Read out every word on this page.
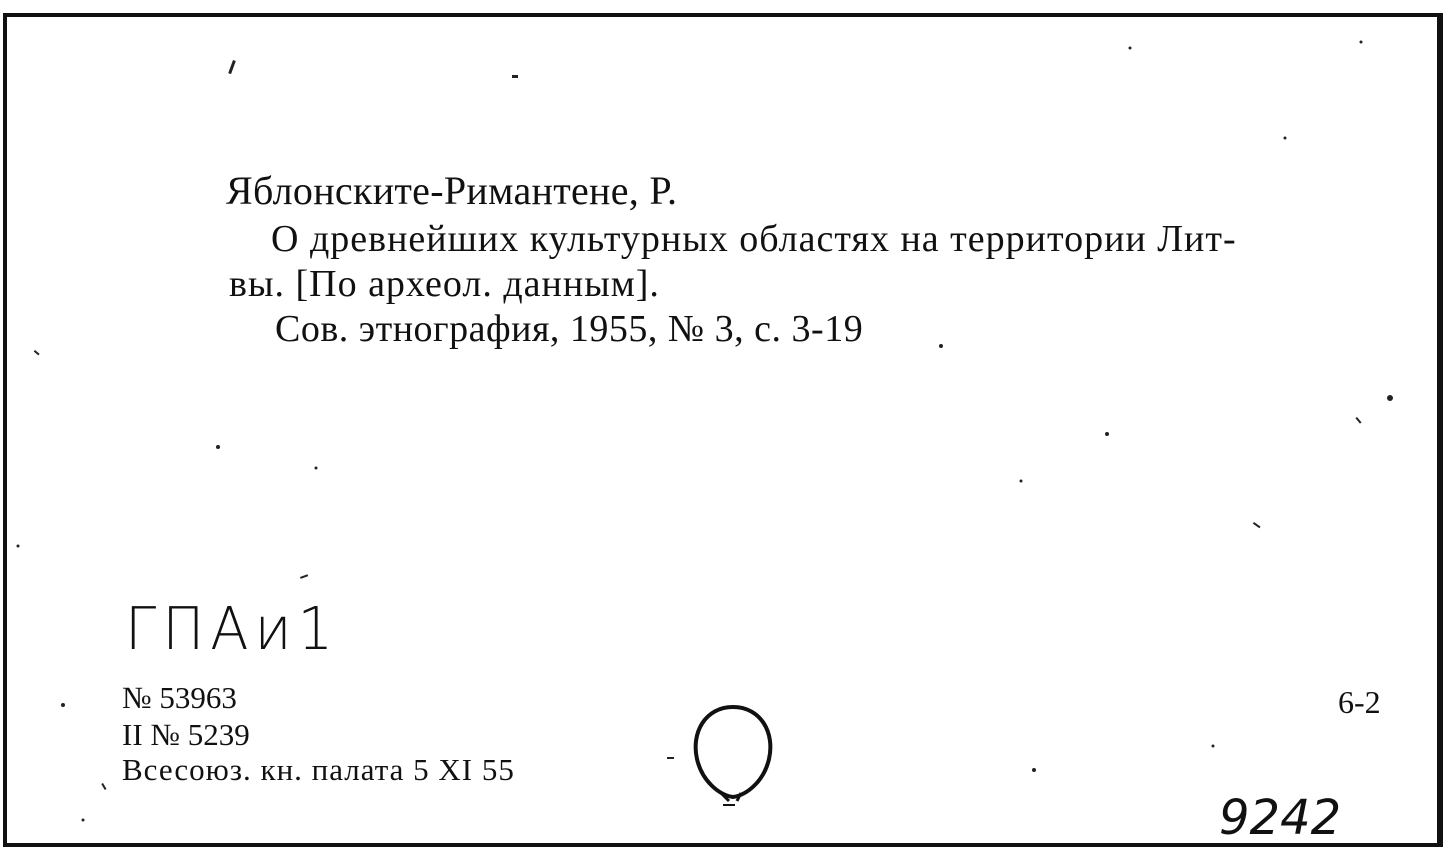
Яблонските-Римантене, Р.
О древнейших культурных областях на территории Лит-
вы. [По археол. данным].
Сов. этнография, 1955, № 3, с. 3-19
ГПАи1
№ 53963
II № 5239
Всесоюз. кн. палата 5 XI 55
6-2
9242
